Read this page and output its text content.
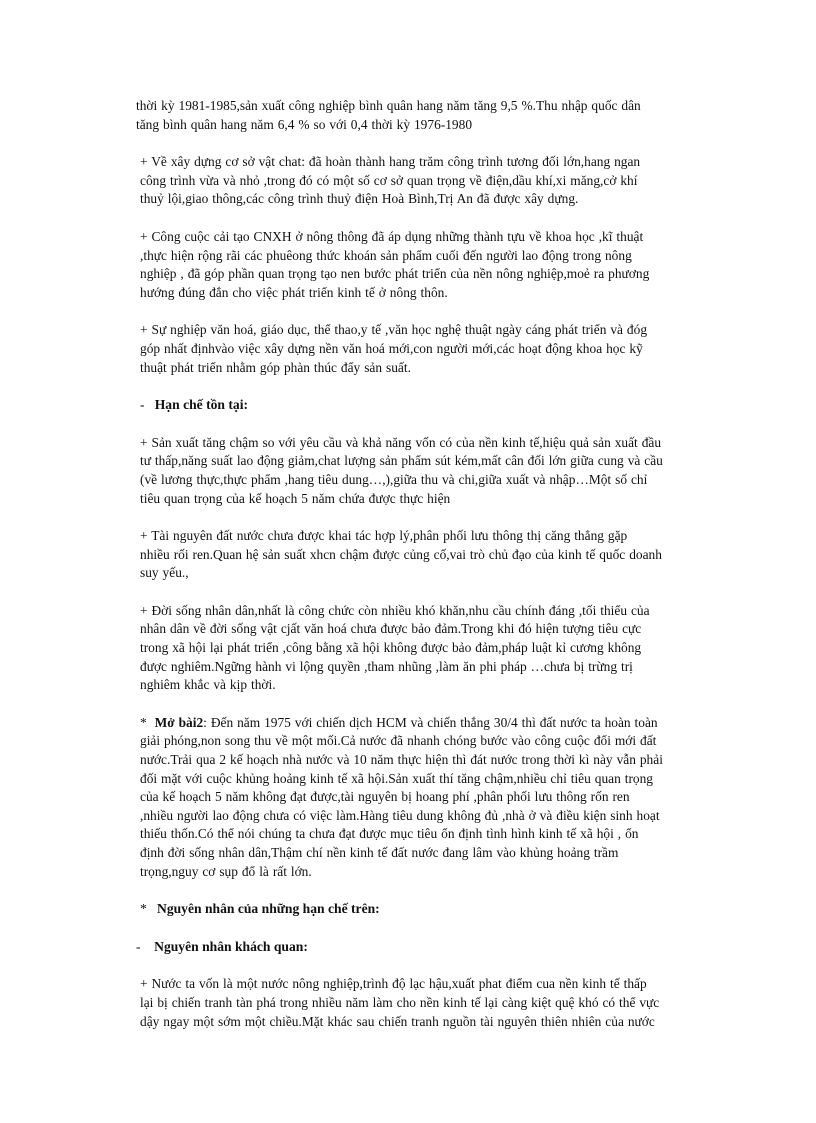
thời kỳ 1981-1985,sản xuất công nghiệp bình quân hang năm tăng 9,5 %.Thu nhập quốc dân
tăng bình quân hang năm 6,4 % so với 0,4 thời kỳ 1976-1980

+ Về xây dựng cơ sở vật chat: đã hoàn thành hang trăm công trình tương đối lớn,hang ngan
công trình vừa và nhỏ ,trong đó có một số cơ sở quan trọng về điện,dầu khí,xi măng,cở khí
thuỷ lội,giao thông,các công trình thuỷ điện Hoà Bình,Trị An đã được xây dựng.

+ Công cuộc cải tạo CNXH ở nông thông đã áp dụng những thành tựu về khoa học ,kĩ thuật
,thực hiện rộng rãi các phuêong thức khoán sản phẩm cuối đến người lao động trong nông
nghiệp , đã góp phần quan trọng tạo nen bước phát triển của nền nông nghiệp,moẻ ra phương
hướng đúng đắn cho việc phát triển kinh tế ở nông thôn.

+ Sự nghiệp văn hoá, giáo dục, thể thao,y tế ,văn học nghệ thuật ngày cáng phát triển và đóg
góp nhất địnhvào việc xây dựng nền văn hoá mới,con người mới,các hoạt động khoa học kỹ
thuật phát triển nhằm góp phàn thúc đẩy sản suất.

- Hạn chế tồn tại:

+ Sản xuất tăng chậm so với yêu cầu và khả năng vốn có của nền kinh tế,hiệu quả sản xuất đầu
tư thấp,năng suất lao động giảm,chat lượng sản phẩm sút kém,mất cân đối lớn giữa cung và cầu
(về lương thực,thực phẩm ,hang tiêu dung…,),giữa thu và chi,giữa xuất và nhập…Một số chỉ
tiêu quan trọng của kế hoạch 5 năm chứa được thực hiện

+ Tài nguyên đất nước chưa được khai tác hợp lý,phân phối lưu thông thị căng thẳng gặp
nhiều rối ren.Quan hệ sản suất xhcn chậm được củng cố,vai trò chủ đạo của kinh tế quốc doanh
suy yếu.,

+ Đời sống nhân dân,nhất là công chức còn nhiều khó khăn,nhu cầu chính đáng ,tối thiểu của
nhân dân về đời sống vật cjất văn hoá chưa được bảo đảm.Trong khi đó hiện tượng tiêu cực
trong xã hội lại phát triển ,công bằng xã hội không được bảo đảm,pháp luật kỉ cương không
được nghiêm.Ngững hành vi lộng quyền ,tham nhũng ,làm ăn phi pháp …chưa bị trừng trị
nghiêm khắc và kịp thời.

* Mở bài2: Đến năm 1975 với chiến dịch HCM và chiến thắng 30/4 thì đất nước ta hoàn toàn
giải phóng,non song thu về một mối.Cả nước đã nhanh chóng bước vào công cuộc đổi mới đất
nước.Trải qua 2 kế hoạch nhà nước và 10 năm thực hiện thì đát nước trong thời kì này vẫn phải
đối mặt với cuộc khủng hoảng kinh tế xã hội.Sản xuất thí tăng chậm,nhiều chỉ tiêu quan trọng
của kế hoạch 5 năm không đạt được,tài nguyên bị hoang phí ,phân phối lưu thông rốn ren
,nhiều người lao động chưa có việc làm.Hàng tiêu dung không đủ ,nhà ở và điều kiện sinh hoạt
thiếu thốn.Có thể nói chúng ta chưa đạt được mục tiêu ổn định tình hình kinh tế xã hội , ổn
định đời sống nhân dân,Thậm chí nền kinh tế đất nước đang lâm vào khủng hoảng trầm
trọng,nguy cơ sụp đổ là rất lớn.

* Nguyên nhân của những hạn chế trên:

- Nguyên nhân khách quan:

+ Nước ta vốn là một nước nông nghiệp,trình độ lạc hậu,xuất phat điểm cua nền kinh tế thấp
lại bị chiến tranh tàn phá trong nhiều năm làm cho nền kinh tế lại càng kiệt quệ khó có thể vực
dậy ngay một sớm một chiều.Mặt khác sau chiến tranh nguồn tài nguyên thiên nhiên của nước
